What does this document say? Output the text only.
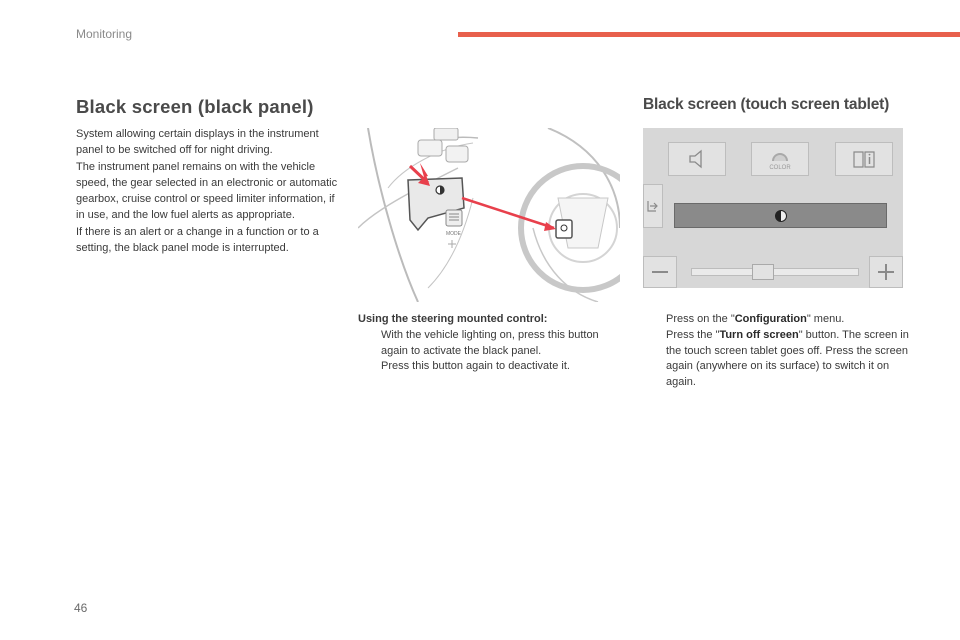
Monitoring
Black screen (black panel)

System allowing certain displays in the instrument panel to be switched off for night driving.

The instrument panel remains on with the vehicle speed, the gear selected in an electronic or automatic gearbox, cruise control or speed limiter information, if in use, and the low fuel alerts as appropriate.

If there is an alert or a change in a function or to a setting, the black panel mode is interrupted.

MODE
Using the steering mounted control:
With the vehicle lighting on, press this button again to activate the black panel.
Press this button again to deactivate it.
Black screen (touch screen tablet)
COLOR
Press on the "Configuration" menu.
Press the "Turn off screen" button. The screen in the touch screen tablet goes off. Press the screen again (anywhere on its surface) to switch it on again.
46
